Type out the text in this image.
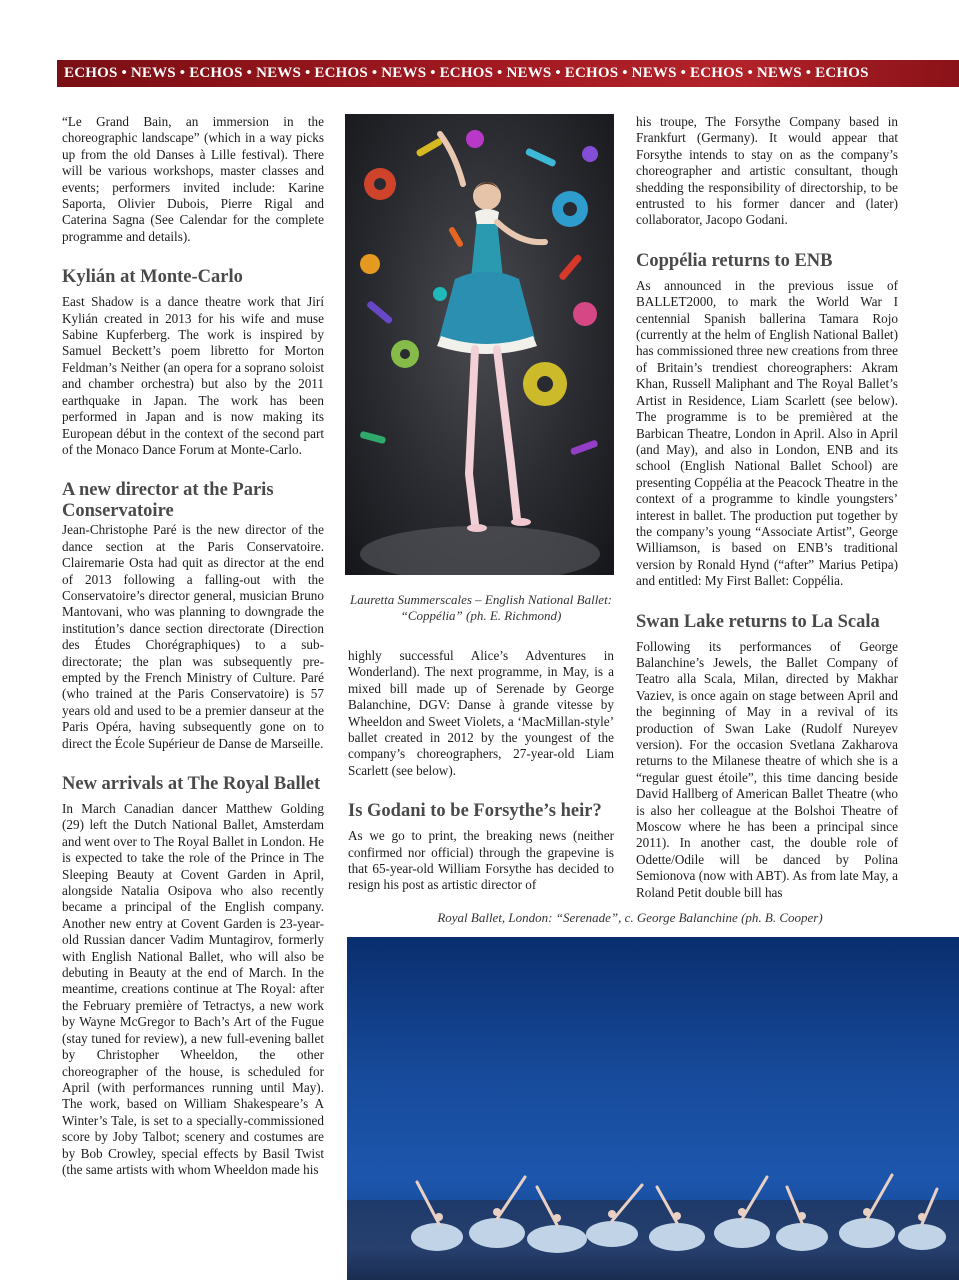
ECHOS • NEWS • ECHOS • NEWS • ECHOS • NEWS • ECHOS • NEWS • ECHOS • NEWS • ECHOS • NEWS • ECHOS

“Le Grand Bain, an immersion in the choreographic landscape” (which in a way picks up from the old Danses à Lille festival). There will be various workshops, master classes and events; performers invited include: Karine Saporta, Olivier Dubois, Pierre Rigal and Caterina Sagna (See Calendar for the complete programme and details).

Kylián at Monte-Carlo

East Shadow is a dance theatre work that Jirí Kylián created in 2013 for his wife and muse Sabine Kupferberg. The work is inspired by Samuel Beckett’s poem libretto for Morton Feldman’s Neither (an opera for a soprano soloist and chamber orchestra) but also by the 2011 earthquake in Japan. The work has been performed in Japan and is now making its European début in the context of the second part of the Monaco Dance Forum at Monte-Carlo.

A new director at the Paris Conservatoire

Jean-Christophe Paré is the new director of the dance section at the Paris Conservatoire. Clairemarie Osta had quit as director at the end of 2013 following a falling-out with the Conservatoire’s director general, musician Bruno Mantovani, who was planning to downgrade the institution’s dance section directorate (Direction des Études Chorégraphiques) to a sub-directorate; the plan was subsequently pre-empted by the French Ministry of Culture. Paré (who trained at the Paris Conservatoire) is 57 years old and used to be a premier danseur at the Paris Opéra, having subsequently gone on to direct the École Supérieur de Danse de Marseille.

New arrivals at The Royal Ballet

In March Canadian dancer Matthew Golding (29) left the Dutch National Ballet, Amsterdam and went over to The Royal Ballet in London. He is expected to take the role of the Prince in The Sleeping Beauty at Covent Garden in April, alongside Natalia Osipova who also recently became a principal of the English company. Another new entry at Covent Garden is 23-year-old Russian dancer Vadim Muntagirov, formerly with English National Ballet, who will also be debuting in Beauty at the end of March. In the meantime, creations continue at The Royal: after the February première of Tetractys, a new work by Wayne McGregor to Bach’s Art of the Fugue (stay tuned for review), a new full-evening ballet by Christopher Wheeldon, the other choreographer of the house, is scheduled for April (with performances running until May). The work, based on William Shakespeare’s A Winter’s Tale, is set to a specially-commissioned score by Joby Talbot; scenery and costumes are by Bob Crowley, special effects by Basil Twist (the same artists with whom Wheeldon made his

Lauretta Summerscales – English National Ballet: “Coppélia” (ph. E. Richmond)

highly successful Alice’s Adventures in Wonderland). The next programme, in May, is a mixed bill made up of Serenade by George Balanchine, DGV: Danse à grande vitesse by Wheeldon and Sweet Violets, a ‘MacMillan-style’ ballet created in 2012 by the youngest of the company’s choreographers, 27-year-old Liam Scarlett (see below).

Is Godani to be Forsythe’s heir?

As we go to print, the breaking news (neither confirmed nor official) through the grapevine is that 65-year-old William Forsythe has decided to resign his post as artistic director of

his troupe, The Forsythe Company based in Frankfurt (Germany). It would appear that Forsythe intends to stay on as the company’s choreographer and artistic consultant, though shedding the responsibility of directorship, to be entrusted to his former dancer and (later) collaborator, Jacopo Godani.

Coppélia returns to ENB

As announced in the previous issue of BALLET2000, to mark the World War I centennial Spanish ballerina Tamara Rojo (currently at the helm of English National Ballet) has commissioned three new creations from three of Britain’s trendiest choreographers: Akram Khan, Russell Maliphant and The Royal Ballet’s Artist in Residence, Liam Scarlett (see below). The programme is to be premièred at the Barbican Theatre, London in April. Also in April (and May), and also in London, ENB and its school (English National Ballet School) are presenting Coppélia at the Peacock Theatre in the context of a programme to kindle youngsters’ interest in ballet. The production put together by the company’s young “Associate Artist”, George Williamson, is based on ENB’s traditional version by Ronald Hynd (“after” Marius Petipa) and entitled: My First Ballet: Coppélia.

Swan Lake returns to La Scala

Following its performances of George Balanchine’s Jewels, the Ballet Company of Teatro alla Scala, Milan, directed by Makhar Vaziev, is once again on stage between April and the beginning of May in a revival of its production of Swan Lake (Rudolf Nureyev version). For the occasion Svetlana Zakharova returns to the Milanese theatre of which she is a “regular guest étoile”, this time dancing beside David Hallberg of American Ballet Theatre (who is also her colleague at the Bolshoi Theatre of Moscow where he has been a principal since 2011). In another cast, the double role of Odette/Odile will be danced by Polina Semionova (now with ABT). As from late May, a Roland Petit double bill has

Royal Ballet, London: “Serenade”, c. George Balanchine (ph. B. Cooper)
